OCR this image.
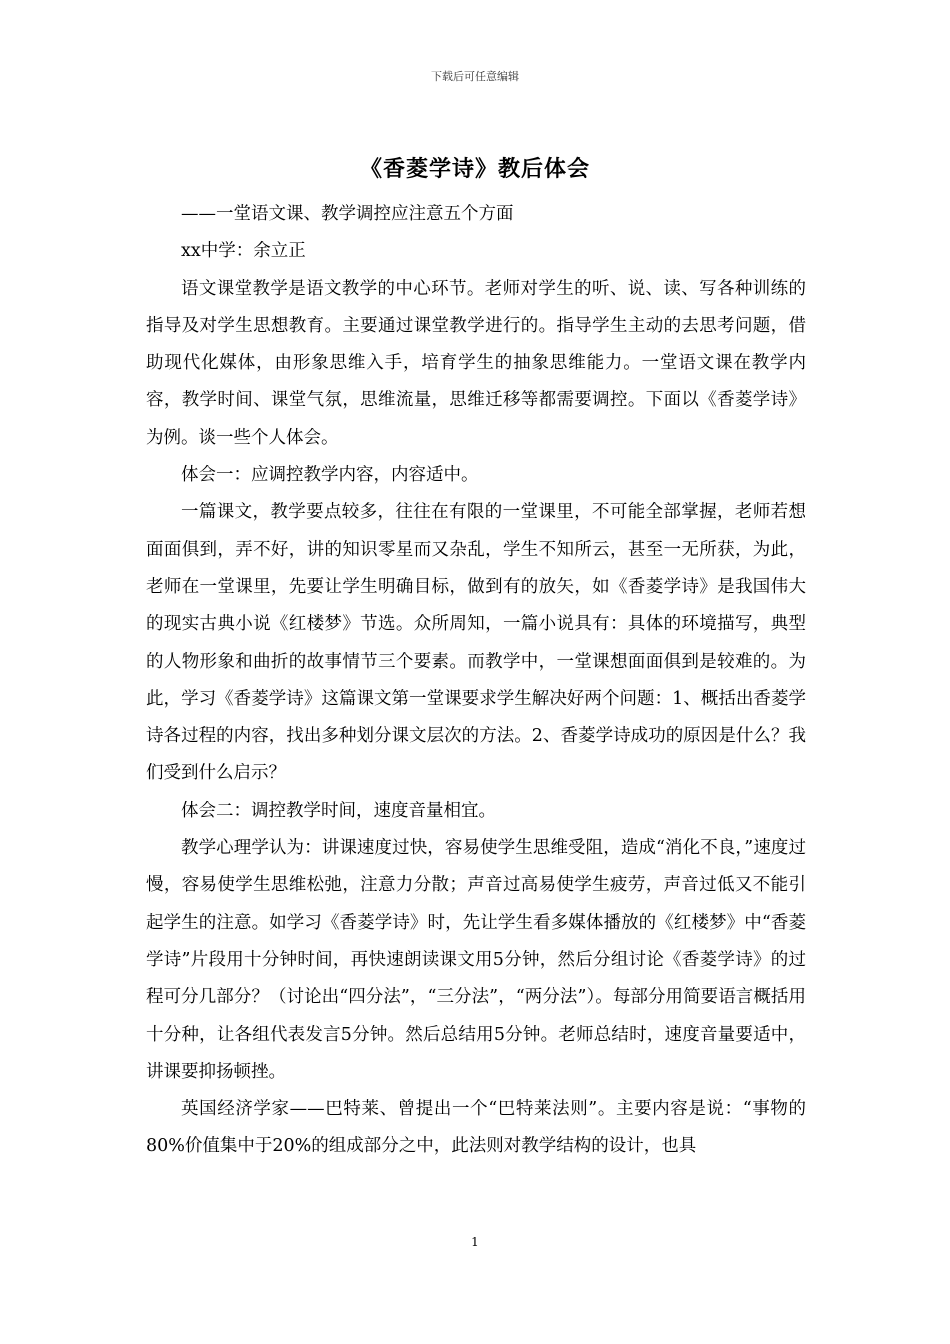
下载后可任意编辑
《香菱学诗》教后体会

——一堂语文课、教学调控应注意五个方面

xx中学：余立正

语文课堂教学是语文教学的中心环节。老师对学生的听、说、读、写各种训练的指导及对学生思想教育。主要通过课堂教学进行的。指导学生主动的去思考问题，借助现代化媒体，由形象思维入手，培育学生的抽象思维能力。一堂语文课在教学内容，教学时间、课堂气氛，思维流量，思维迁移等都需要调控。下面以《香菱学诗》为例。谈一些个人体会。

体会一：应调控教学内容，内容适中。

一篇课文，教学要点较多，往往在有限的一堂课里，不可能全部掌握，老师若想面面俱到，弄不好，讲的知识零星而又杂乱，学生不知所云，甚至一无所获，为此，老师在一堂课里，先要让学生明确目标，做到有的放矢，如《香菱学诗》是我国伟大的现实古典小说《红楼梦》节选。众所周知，一篇小说具有：具体的环境描写，典型的人物形象和曲折的故事情节三个要素。而教学中，一堂课想面面俱到是较难的。为此，学习《香菱学诗》这篇课文第一堂课要求学生解决好两个问题：1、概括出香菱学诗各过程的内容，找出多种划分课文层次的方法。2、香菱学诗成功的原因是什么？我们受到什么启示？

体会二：调控教学时间，速度音量相宜。

教学心理学认为：讲课速度过快，容易使学生思维受阻，造成“消化不良，”速度过慢，容易使学生思维松弛，注意力分散；声音过高易使学生疲劳，声音过低又不能引起学生的注意。如学习《香菱学诗》时，先让学生看多媒体播放的《红楼梦》中“香菱学诗”片段用十分钟时间，再快速朗读课文用5分钟，然后分组讨论《香菱学诗》的过程可分几部分？（讨论出“四分法”，“三分法”，“两分法”）。每部分用简要语言概括用十分种，让各组代表发言5分钟。然后总结用5分钟。老师总结时，速度音量要适中，讲课要抑扬顿挫。

英国经济学家——巴特莱、曾提出一个“巴特莱法则”。主要内容是说：“事物的80%价值集中于20%的组成部分之中，此法则对教学结构的设计，也具

1
